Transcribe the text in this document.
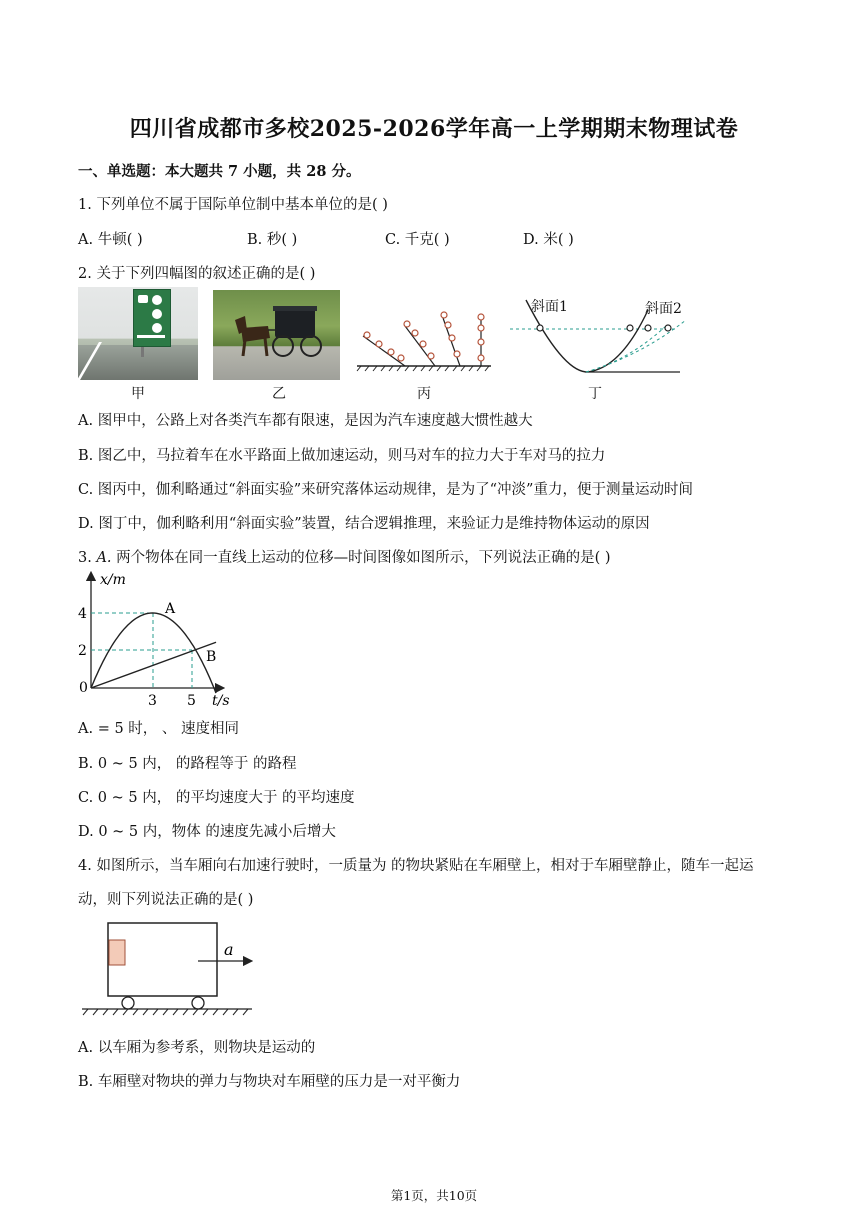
四川省成都市多校2025-2026学年高一上学期期末物理试卷
一、单选题：本大题共 7 小题，共 28 分。
1. 下列单位不属于国际单位制中基本单位的是( )
A. 牛顿( )	B. 秒( )	C. 千克( )	D. 米( )
2. 关于下列四幅图的叙述正确的是( )
甲	乙	丙
斜面1	斜面2
丁
A. 图甲中，公路上对各类汽车都有限速，是因为汽车速度越大惯性越大
B. 图乙中，马拉着车在水平路面上做加速运动，则马对车的拉力大于车对马的拉力
C. 图丙中，伽利略通过“斜面实验”来研究落体运动规律，是为了“冲淡”重力，便于测量运动时间
D. 图丁中，伽利略利用“斜面实验”装置，结合逻辑推理，来验证力是维持物体运动的原因
3. A. 两个物体在同一直线上运动的位移—时间图像如图所示，下列说法正确的是( )
4
2
0
3 5
x/m
t/s
A
B
A. = 5 时， 、 速度相同
B. 0 ~ 5 内， 的路程等于 的路程
C. 0 ~ 5 内， 的平均速度大于 的平均速度
D. 0 ~ 5 内，物体 的速度先减小后增大
4. 如图所示，当车厢向右加速行驶时，一质量为 的物块紧贴在车厢壁上，相对于车厢壁静止，随车一起运
动，则下列说法正确的是( )
a
A. 以车厢为参考系，则物块是运动的
B. 车厢壁对物块的弹力与物块对车厢壁的压力是一对平衡力
第1页，共10页
